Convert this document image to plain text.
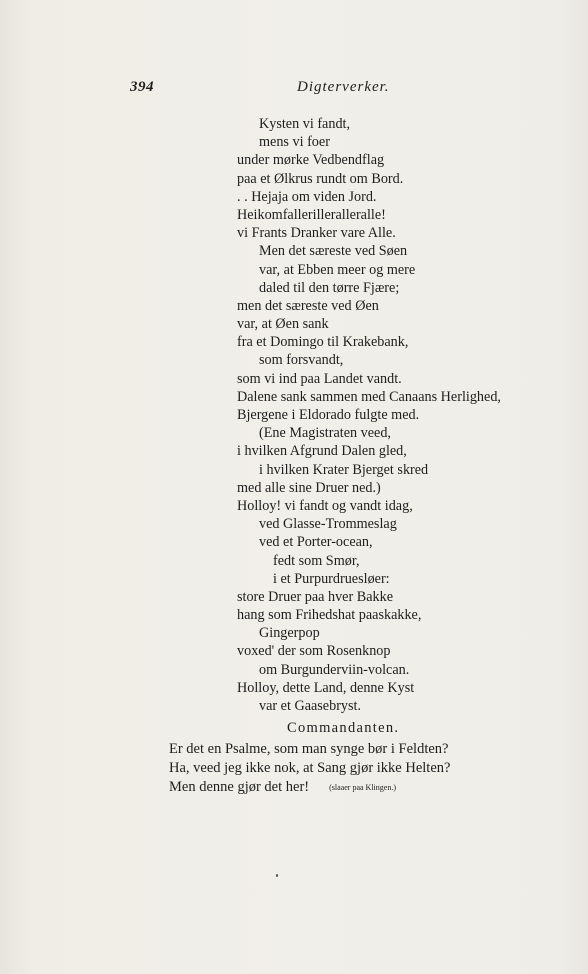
394	Digterverker.
Kysten vi fandt,
mens vi foer
under mørke Vedbendflag
paa et Ølkrus rundt om Bord.
. . Hejaja om viden Jord.
Heikomfallerilleralleralle!
vi Frants Dranker vare Alle.
Men det særeste ved Søen
var, at Ebben meer og mere
daled til den tørre Fjære;
men det særeste ved Øen
var, at Øen sank
fra et Domingo til Krakebank,
som forsvandt,
som vi ind paa Landet vandt.
Dalene sank sammen med Canaans Herlighed,
Bjergene i Eldorado fulgte med.
(Ene Magistraten veed,
i hvilken Afgrund Dalen gled,
i hvilken Krater Bjerget skred
med alle sine Druer ned.)
Holloy! vi fandt og vandt idag,
ved Glasse-Trommeslag
ved et Porter-ocean,
fedt som Smør,
i et Purpurdruesløer:
store Druer paa hver Bakke
hang som Frihedshat paaskakke,
Gingerpop
voxed' der som Rosenknop
om Burgunderviin-volcan.
Holloy, dette Land, denne Kyst
var et Gaasebryst.
Commandanten.
Er det en Psalme, som man synge bør i Feldten?
Ha, veed jeg ikke nok, at Sang gjør ikke Helten?
Men denne gjør det her!	(slaaer paa Klingen.)
